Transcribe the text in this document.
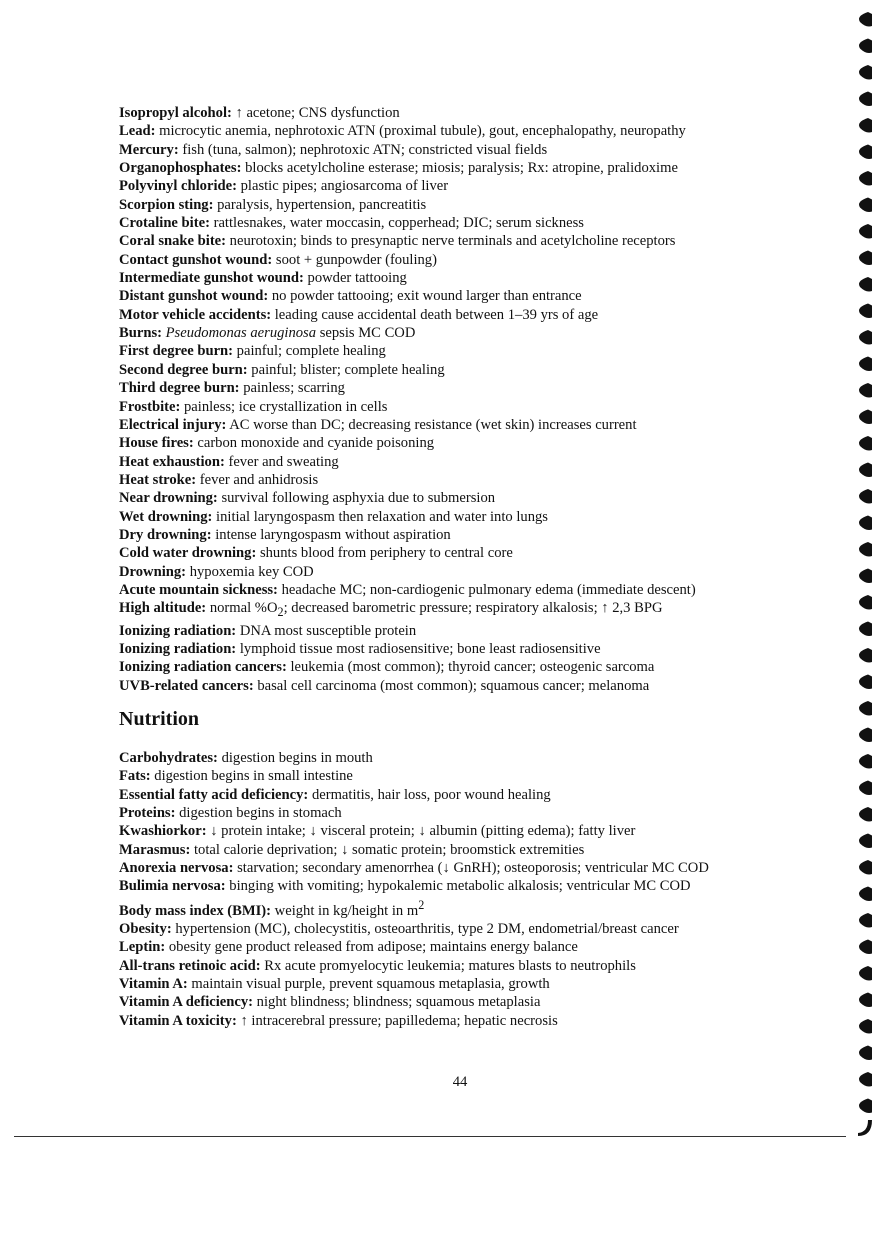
Isopropyl alcohol: ↑ acetone; CNS dysfunction
Lead: microcytic anemia, nephrotoxic ATN (proximal tubule), gout, encephalopathy, neuropathy
Mercury: fish (tuna, salmon); nephrotoxic ATN; constricted visual fields
Organophosphates: blocks acetylcholine esterase; miosis; paralysis; Rx: atropine, pralidoxime
Polyvinyl chloride: plastic pipes; angiosarcoma of liver
Scorpion sting: paralysis, hypertension, pancreatitis
Crotaline bite: rattlesnakes, water moccasin, copperhead; DIC; serum sickness
Coral snake bite: neurotoxin; binds to presynaptic nerve terminals and acetylcholine receptors
Contact gunshot wound: soot + gunpowder (fouling)
Intermediate gunshot wound: powder tattooing
Distant gunshot wound: no powder tattooing; exit wound larger than entrance
Motor vehicle accidents: leading cause accidental death between 1–39 yrs of age
Burns: Pseudomonas aeruginosa sepsis MC COD
First degree burn: painful; complete healing
Second degree burn: painful; blister; complete healing
Third degree burn: painless; scarring
Frostbite: painless; ice crystallization in cells
Electrical injury: AC worse than DC; decreasing resistance (wet skin) increases current
House fires: carbon monoxide and cyanide poisoning
Heat exhaustion: fever and sweating
Heat stroke: fever and anhidrosis
Near drowning: survival following asphyxia due to submersion
Wet drowning: initial laryngospasm then relaxation and water into lungs
Dry drowning: intense laryngospasm without aspiration
Cold water drowning: shunts blood from periphery to central core
Drowning: hypoxemia key COD
Acute mountain sickness: headache MC; non-cardiogenic pulmonary edema (immediate descent)
High altitude: normal $\%O_2$; decreased barometric pressure; respiratory alkalosis; ↑ 2,3 BPG
Ionizing radiation: DNA most susceptible protein
Ionizing radiation: lymphoid tissue most radiosensitive; bone least radiosensitive
Ionizing radiation cancers: leukemia (most common); thyroid cancer; osteogenic sarcoma
UVB-related cancers: basal cell carcinoma (most common); squamous cancer; melanoma
Nutrition
Carbohydrates: digestion begins in mouth
Fats: digestion begins in small intestine
Essential fatty acid deficiency: dermatitis, hair loss, poor wound healing
Proteins: digestion begins in stomach
Kwashiorkor: ↓ protein intake; ↓ visceral protein; ↓ albumin (pitting edema); fatty liver
Marasmus: total calorie deprivation; ↓ somatic protein; broomstick extremities
Anorexia nervosa: starvation; secondary amenorrhea (↓ GnRH); osteoporosis; ventricular MC COD
Bulimia nervosa: binging with vomiting; hypokalemic metabolic alkalosis; ventricular MC COD
Body mass index (BMI): weight in kg/height in $m^2$
Obesity: hypertension (MC), cholecystitis, osteoarthritis, type 2 DM, endometrial/breast cancer
Leptin: obesity gene product released from adipose; maintains energy balance
All-trans retinoic acid: Rx acute promyelocytic leukemia; matures blasts to neutrophils
Vitamin A: maintain visual purple, prevent squamous metaplasia, growth
Vitamin A deficiency: night blindness; blindness; squamous metaplasia
Vitamin A toxicity: ↑ intracerebral pressure; papilledema; hepatic necrosis
44
